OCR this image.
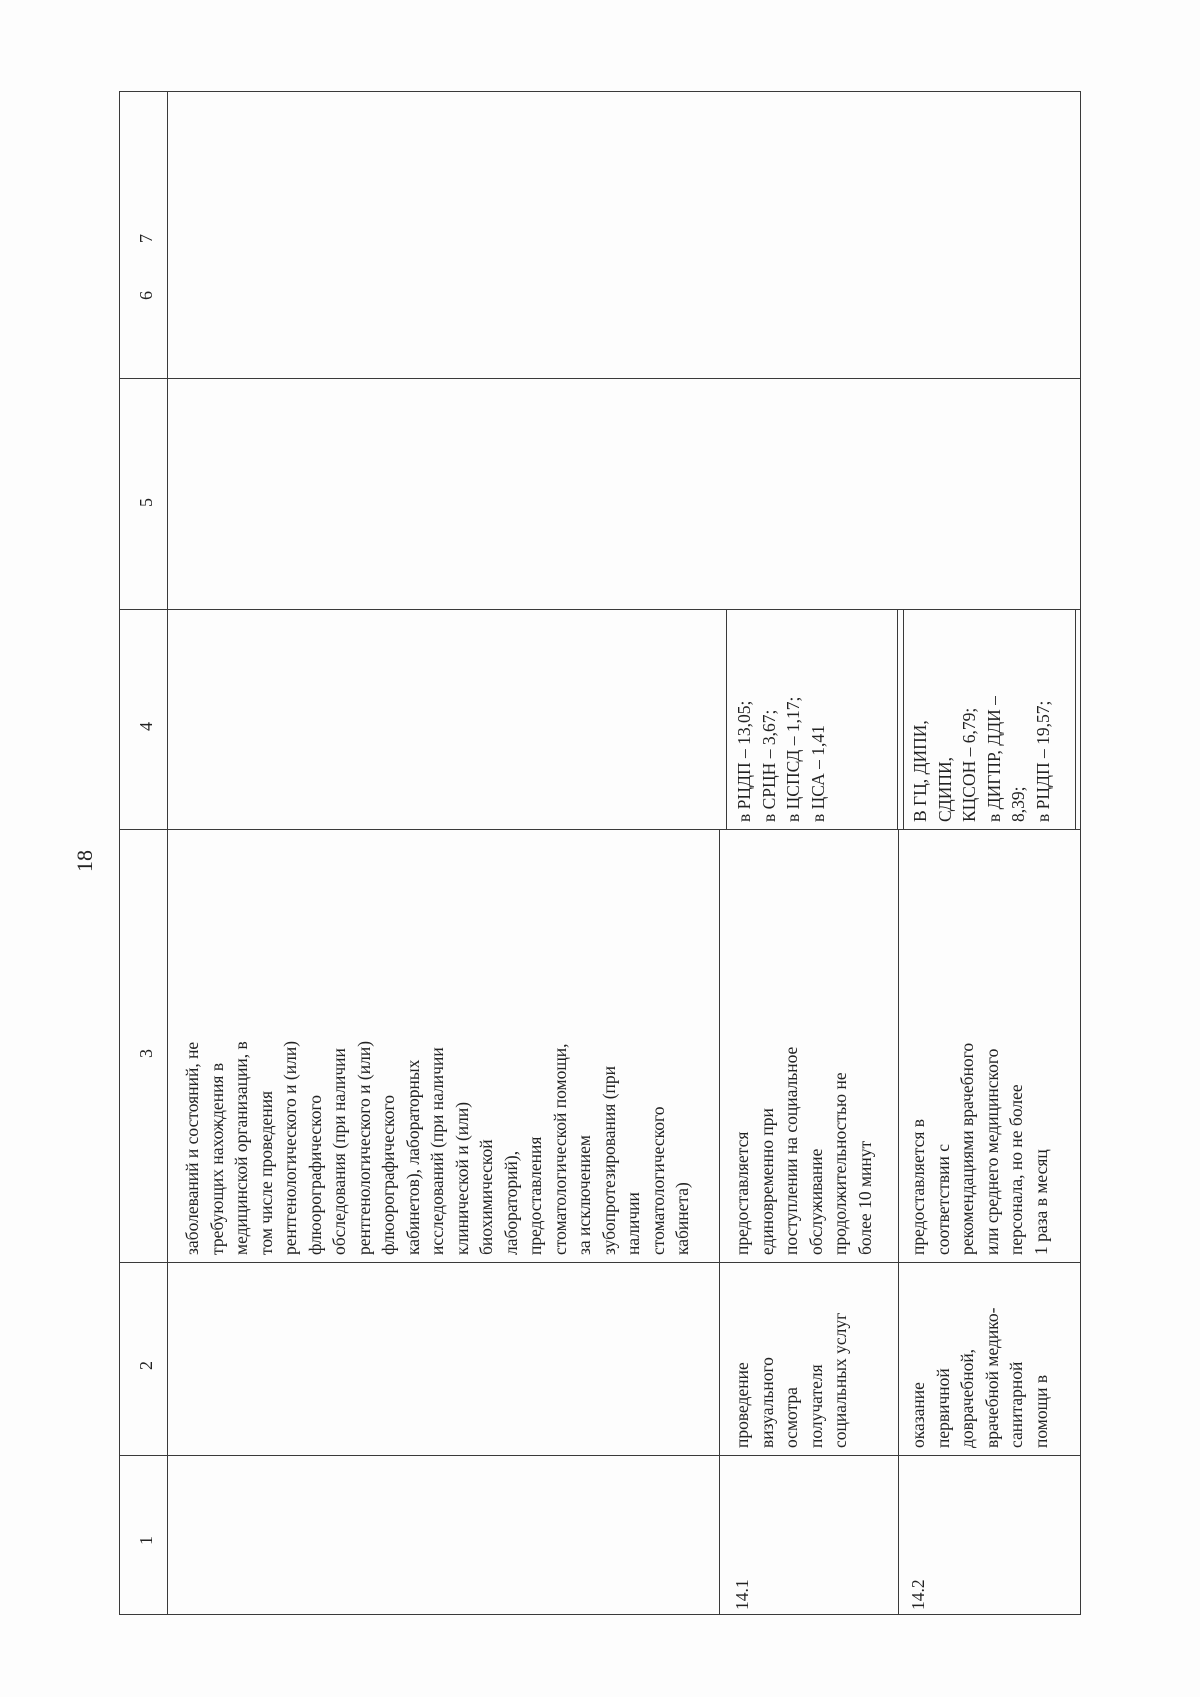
18
1
2
3
4
5
6
7
заболеваний и состояний, не
требующих нахождения в
медицинской организации, в
том числе проведения
рентгенологического и (или)
флюорографического
обследования (при наличии
рентгенологического и (или)
флюорографического
кабинетов), лабораторных
исследований (при наличии
клинической и (или)
биохимической
лабораторий),
предоставления
стоматологической помощи,
за исключением
зубопротезирования (при
наличии
стоматологического
кабинета)
14.1
проведение
визуального
осмотра
получателя
социальных услуг
предоставляется
единовременно при
поступлении на социальное
обслуживание
продолжительностью не
более 10 минут
в РЦДП – 13,05;
в СРЦН – 3,67;
в ЦСПСД – 1,17;
в ЦСА – 1,41
14.2
оказание
первичной
доврачебной,
врачебной медико-
санитарной
помощи в
предоставляется в
соответствии с
рекомендациями врачебного
или среднего медицинского
персонала, но не более
1 раза в месяц
В ГЦ, ДИПИ,
СДИПИ,
КЦСОН – 6,79;
в ДИГПР, ДДИ –
8,39;
в РЦДП – 19,57;
